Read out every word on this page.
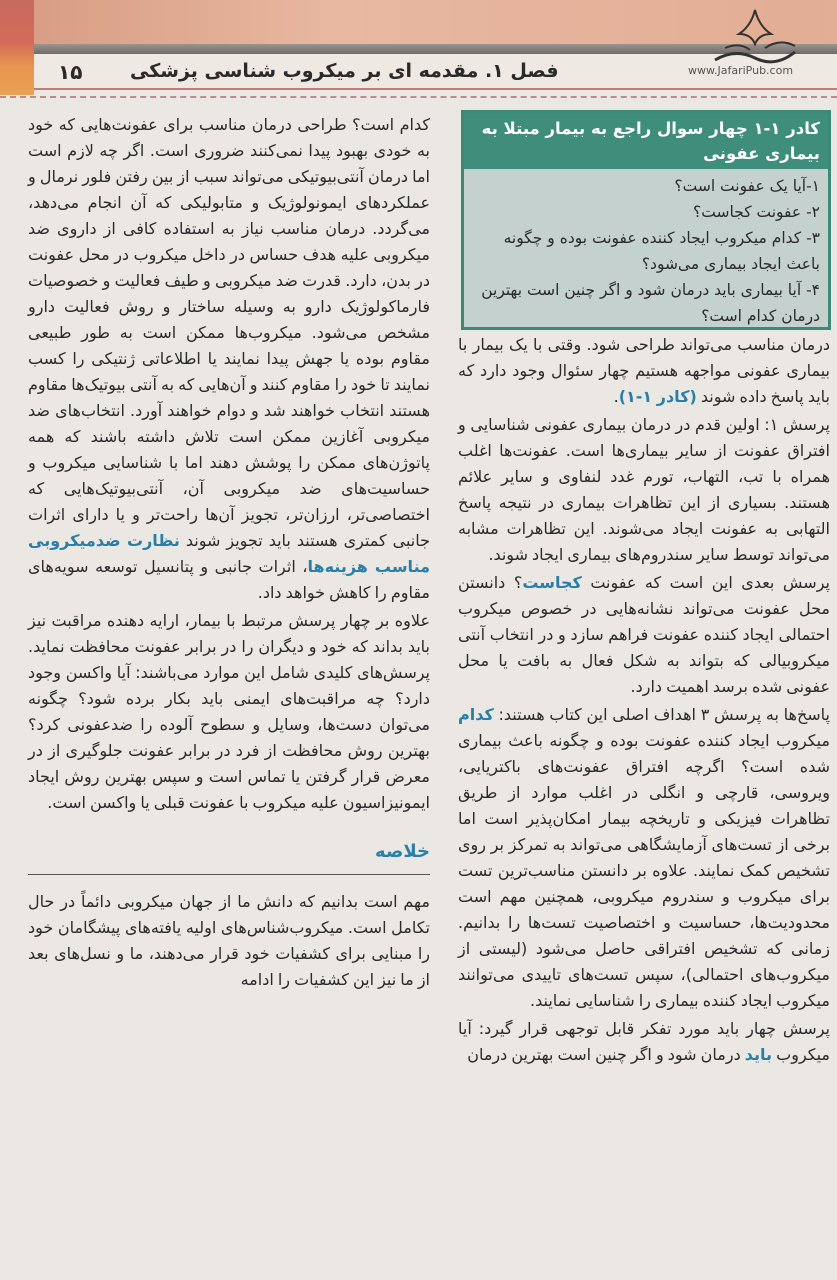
۱۵	فصل ۱. مقدمه ای بر میکروب شناسی پزشکی	www.JafariPub.com
کادر ۱-۱ چهار سوال راجع به بیمار مبتلا به بیماری عفونی
۱-آیا یک عفونت است؟
۲- عفونت کجاست؟
۳- کدام میکروب ایجاد کننده عفونت بوده و چگونه باعث ایجاد بیماری می‌شود؟
۴- آیا بیماری باید درمان شود و اگر چنین است بهترین درمان کدام است؟

درمان مناسب می‌تواند طراحی شود. وقتی با یک بیمار با بیماری عفونی مواجهه هستیم چهار سئوال وجود دارد که باید پاسخ داده شوند (کادر ۱-۱).

پرسش ۱: اولین قدم در درمان بیماری عفونی شناسایی و افتراق عفونت از سایر بیماری‌ها است. عفونت‌ها اغلب همراه با تب، التهاب، تورم غدد لنفاوی و سایر علائم هستند. بسیاری از این تظاهرات بیماری در نتیجه پاسخ التهابی به عفونت ایجاد می‌شوند. این تظاهرات مشابه می‌تواند توسط سایر سندروم‌های بیماری ایجاد شوند.

پرسش بعدی این است که عفونت کجاست؟ دانستن محل عفونت می‌تواند نشانه‌هایی در خصوص میکروب احتمالی ایجاد کننده عفونت فراهم سازد و در انتخاب آنتی میکروبیالی که بتواند به شکل فعال به بافت یا محل عفونی شده برسد اهمیت دارد.

پاسخ‌ها به پرسش ۳ اهداف اصلی این کتاب هستند: کدام میکروب ایجاد کننده عفونت بوده و چگونه باعث بیماری شده است؟ اگرچه افتراق عفونت‌های باکتریایی، ویروسی، قارچی و انگلی در اغلب موارد از طریق تظاهرات فیزیکی و تاریخچه بیمار امکان‌پذیر است اما برخی از تست‌های آزمایشگاهی می‌تواند به تمرکز بر روی تشخیص کمک نمایند. علاوه بر دانستن مناسب‌ترین تست برای میکروب و سندروم میکروبی، همچنین مهم است محدودیت‌ها، حساسیت و اختصاصیت تست‌ها را بدانیم. زمانی که تشخیص افتراقی حاصل می‌شود (لیستی از میکروب‌های احتمالی)، سپس تست‌های تاییدی می‌توانند میکروب ایجاد کننده بیماری را شناسایی نمایند.

پرسش چهار باید مورد تفکر قابل توجهی قرار گیرد: آیا میکروب باید درمان شود و اگر چنین است بهترین درمان

کدام است؟ طراحی درمان مناسب برای عفونت‌هایی که خود به خودی بهبود پیدا نمی‌کنند ضروری است. اگر چه لازم است اما درمان آنتی‌بیوتیکی می‌تواند سبب از بین رفتن فلور نرمال و عملکردهای ایمونولوژیک و متابولیکی که آن انجام می‌دهد، می‌گردد. درمان مناسب نیاز به استفاده کافی از داروی ضد میکروبی علیه هدف حساس در داخل میکروب در محل عفونت در بدن، دارد. قدرت ضد میکروبی و طیف فعالیت و خصوصیات فارماکولوژیک دارو به وسیله ساختار و روش فعالیت دارو مشخص می‌شود. میکروب‌ها ممکن است به طور طبیعی مقاوم بوده یا جهش پیدا نمایند یا اطلاعاتی ژنتیکی را کسب نمایند تا خود را مقاوم کنند و آن‌هایی که به آنتی بیوتیک‌ها مقاوم هستند انتخاب خواهند شد و دوام خواهند آورد. انتخاب‌های ضد میکروبی آغازین ممکن است تلاش داشته باشند که همه پاتوژن‌های ممکن را پوشش دهند اما با شناسایی میکروب و حساسیت‌های ضد میکروبی آن، آنتی‌بیوتیک‌هایی که اختصاصی‌تر، ارزان‌تر، تجویز آن‌ها راحت‌تر و یا دارای اثرات جانبی کمتری هستند باید تجویز شوند نظارت ضدمیکروبی مناسب هزینه‌ها، اثرات جانبی و پتانسیل توسعه سویه‌های مقاوم را کاهش خواهد داد.

علاوه بر چهار پرسش مرتبط با بیمار، ارایه دهنده مراقبت نیز باید بداند که خود و دیگران را در برابر عفونت محافظت نماید. پرسش‌های کلیدی شامل این موارد می‌باشند: آیا واکسن وجود دارد؟ چه مراقبت‌های ایمنی باید بکار برده شود؟ چگونه می‌توان دست‌ها، وسایل و سطوح آلوده را ضدعفونی کرد؟ بهترین روش محافظت از فرد در برابر عفونت جلوگیری از در معرض قرار گرفتن یا تماس است و سپس بهترین روش ایجاد ایمونیزاسیون علیه میکروب با عفونت قبلی یا واکسن است.

خلاصه

مهم است بدانیم که دانش ما از جهان میکروبی دائماً در حال تکامل است. میکروب‌شناس‌های اولیه یافته‌های پیشگامان خود را مبنایی برای کشفیات خود قرار می‌دهند، ما و نسل‌های بعد از ما نیز این کشفیات را ادامه
